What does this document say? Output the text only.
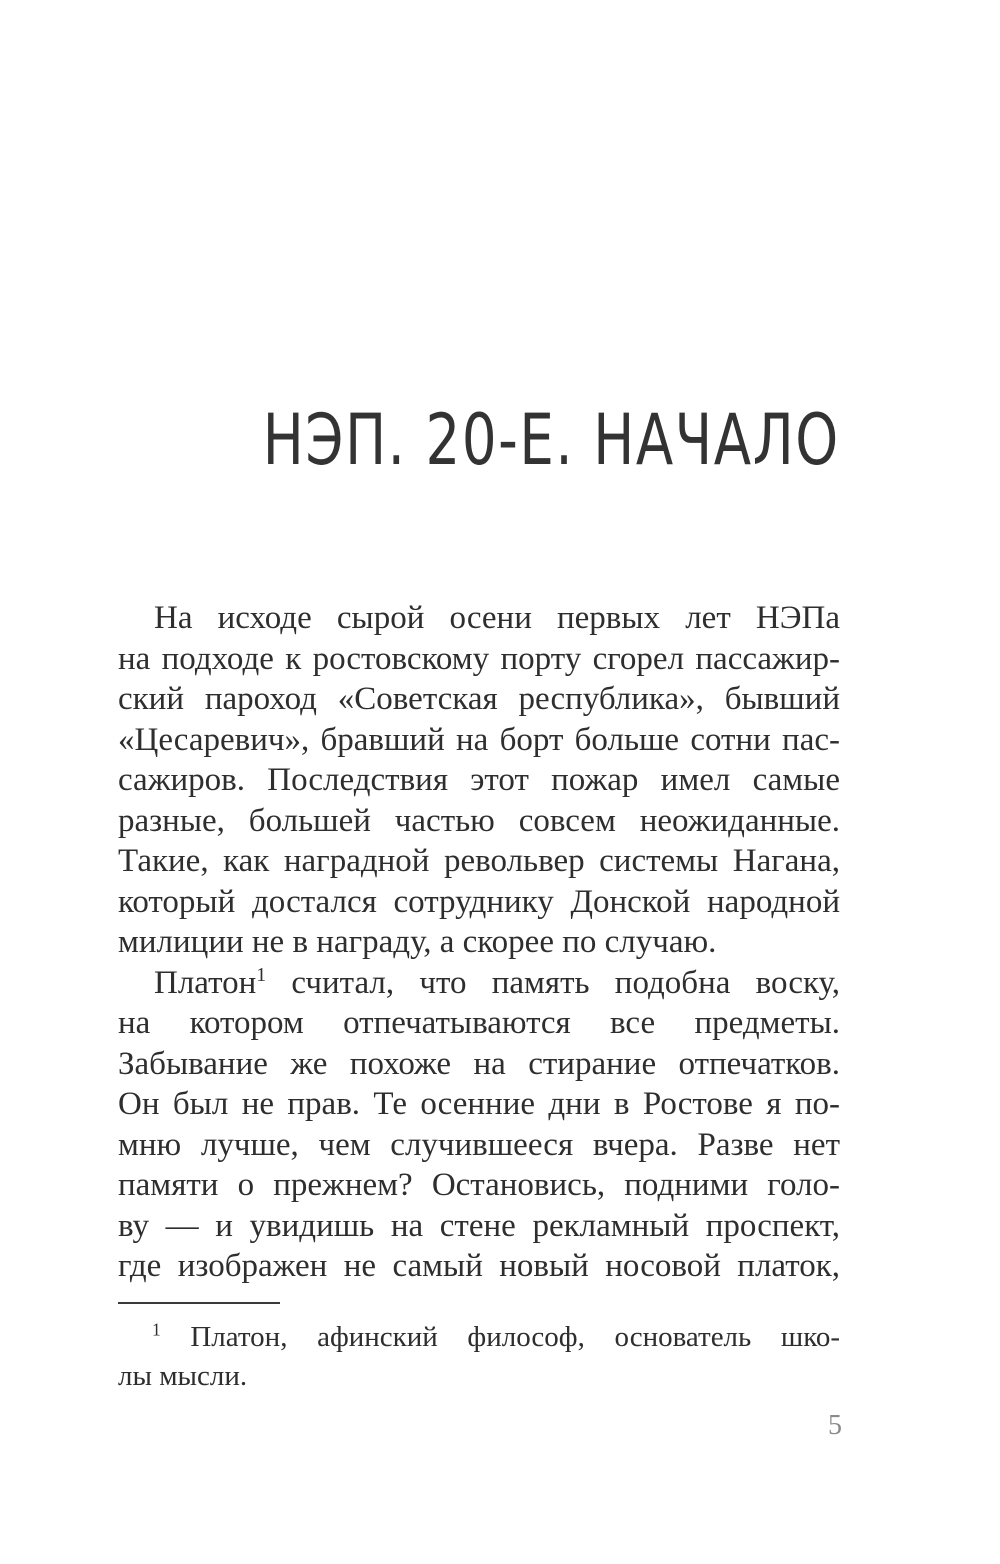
НЭП. 20-Е. НАЧАЛО
На исходе сырой осени первых лет НЭПа
на подходе к ростовскому порту сгорел пассажир-
ский пароход «Советская республика», бывший
«Цесаревич», бравший на борт больше сотни пас-
сажиров. Последствия этот пожар имел самые
разные, большей частью совсем неожиданные.
Такие, как наградной револьвер системы Нагана,
который достался сотруднику Донской народной
милиции не в награду, а скорее по случаю.
Платон$^1$ считал, что память подобна воску,
на котором отпечатываются все предметы.
Забывание же похоже на стирание отпечатков.
Он был не прав. Те осенние дни в Ростове я по-
мню лучше, чем случившееся вчера. Разве нет
памяти о прежнем? Остановись, подними голо-
ву — и увидишь на стене рекламный проспект,
где изображен не самый новый носовой платок,
$^1$ Платон, афинский философ, основатель шко-
лы мысли.
5
